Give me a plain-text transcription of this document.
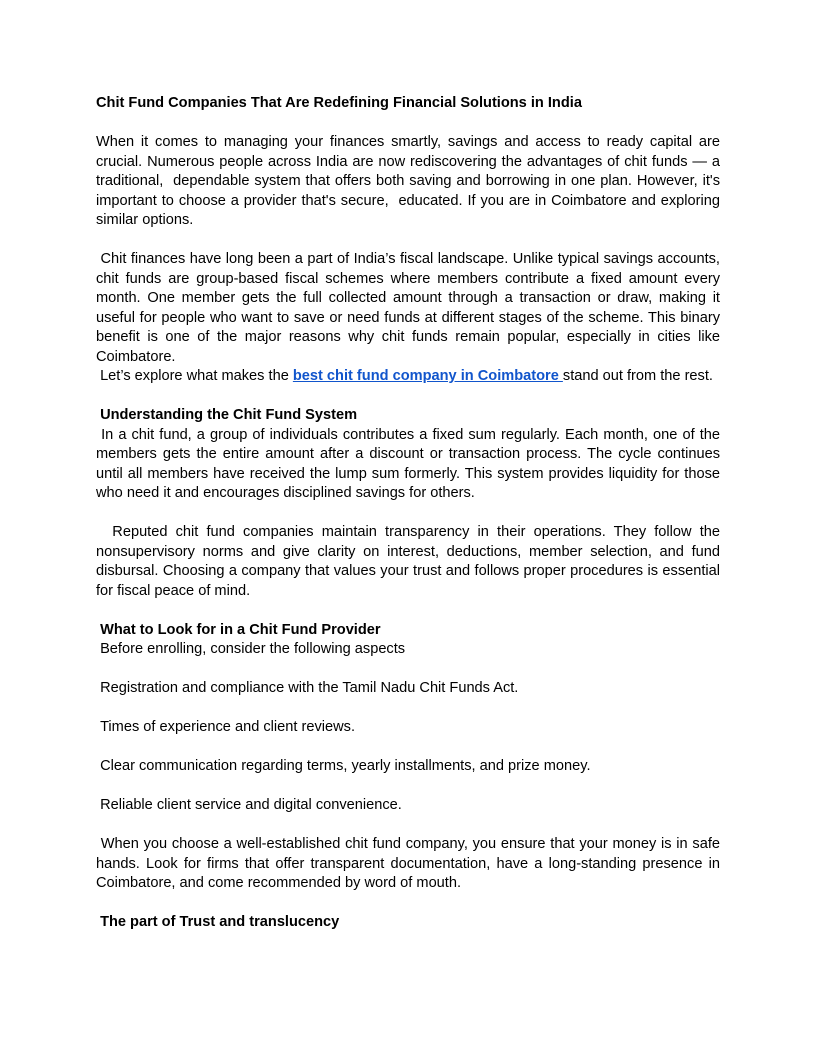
Chit Fund Companies That Are Redefining Financial Solutions in India

When it comes to managing your finances smartly, savings and access to ready capital are crucial. Numerous people across India are now rediscovering the advantages of chit funds — a traditional,  dependable system that offers both saving and borrowing in one plan. However, it's important to choose a provider that's secure,  educated. If you are in Coimbatore and exploring similar options.

Chit finances have long been a part of India’s fiscal landscape. Unlike typical savings accounts, chit funds are group-based fiscal schemes where members contribute a fixed amount every month. One member gets the full collected amount through a transaction or draw, making it useful for people who want to save or need funds at different stages of the scheme. This binary benefit is one of the major reasons why chit funds remain popular, especially in cities like Coimbatore.

Let’s explore what makes the best chit fund company in Coimbatore stand out from the rest.

Understanding the Chit Fund System

In a chit fund, a group of individuals contributes a fixed sum regularly. Each month, one of the members gets the entire amount after a discount or transaction process. The cycle continues until all members have received the lump sum formerly. This system provides liquidity for those who need it and encourages disciplined savings for others.

Reputed chit fund companies maintain transparency in their operations. They follow the nonsupervisory norms and give clarity on interest, deductions, member selection, and fund disbursal. Choosing a company that values your trust and follows proper procedures is essential for fiscal peace of mind.

What to Look for in a Chit Fund Provider

Before enrolling, consider the following aspects

Registration and compliance with the Tamil Nadu Chit Funds Act.

Times of experience and client reviews.

Clear communication regarding terms, yearly installments, and prize money.

Reliable client service and digital convenience.

When you choose a well-established chit fund company, you ensure that your money is in safe hands. Look for firms that offer transparent documentation, have a long-standing presence in Coimbatore, and come recommended by word of mouth.

The part of Trust and translucency
